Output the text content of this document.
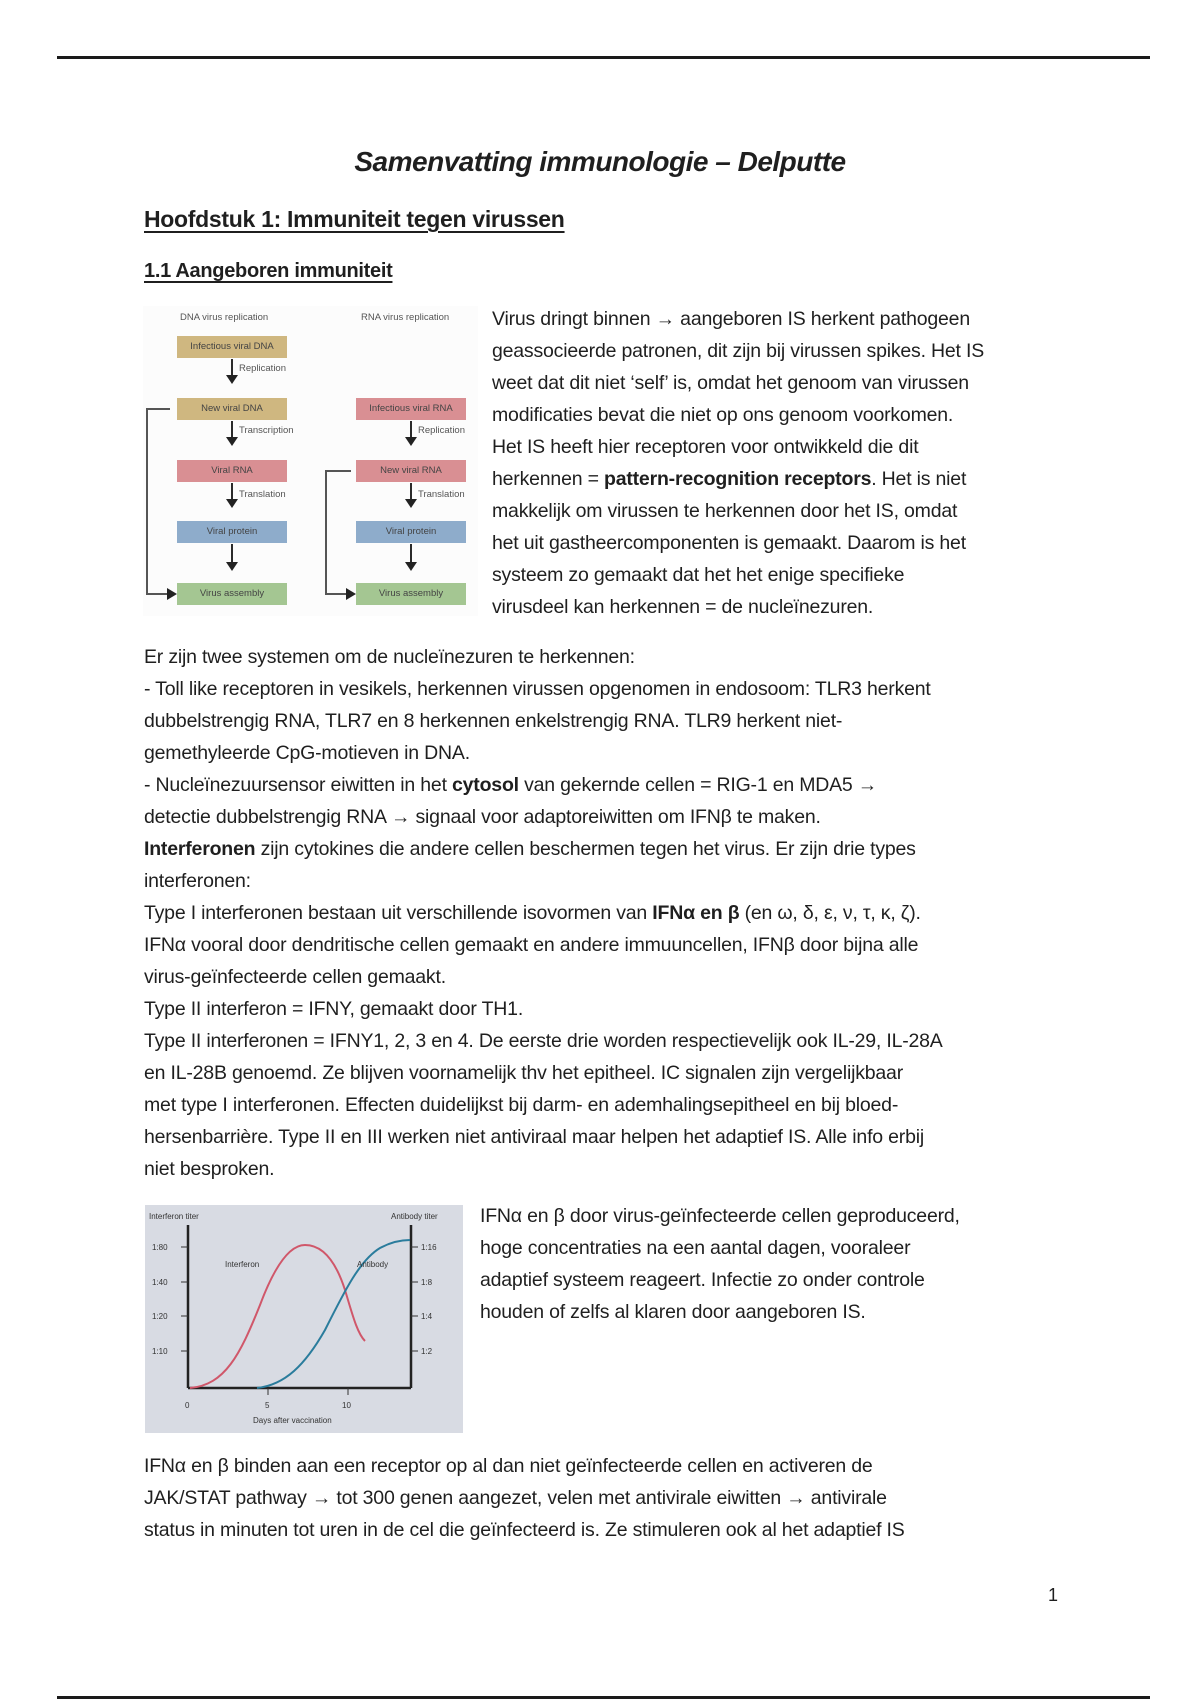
Samenvatting immunologie – Delputte
Hoofdstuk 1: Immuniteit tegen virussen
1.1 Aangeboren immuniteit
DNA virus replication	RNA virus replication
Infectious viral DNA
Replication
New viral DNA
Transcription
Viral RNA
Translation
Viral protein
Virus assembly
Infectious viral RNA
Replication
New viral RNA
Translation
Viral protein
Virus assembly
Virus dringt binnen → aangeboren IS herkent pathogeen
geassocieerde patronen, dit zijn bij virussen spikes. Het IS
weet dat dit niet ‘self’ is, omdat het genoom van virussen
modificaties bevat die niet op ons genoom voorkomen.
Het IS heeft hier receptoren voor ontwikkeld die dit
herkennen = pattern-recognition receptors. Het is niet
makkelijk om virussen te herkennen door het IS, omdat
het uit gastheercomponenten is gemaakt. Daarom is het
systeem zo gemaakt dat het het enige specifieke
virusdeel kan herkennen = de nucleïnezuren.
Er zijn twee systemen om de nucleïnezuren te herkennen:
- Toll like receptoren in vesikels, herkennen virussen opgenomen in endosoom: TLR3 herkent
dubbelstrengig RNA, TLR7 en 8 herkennen enkelstrengig RNA. TLR9 herkent niet-
gemethyleerde CpG-motieven in DNA.
- Nucleïnezuursensor eiwitten in het cytosol van gekernde cellen = RIG-1 en MDA5 →
detectie dubbelstrengig RNA → signaal voor adaptoreiwitten om IFNβ te maken.
Interferonen zijn cytokines die andere cellen beschermen tegen het virus. Er zijn drie types
interferonen:
Type I interferonen bestaan uit verschillende isovormen van IFNα en β (en ω, δ, ε, ν, τ, κ, ζ).
IFNα vooral door dendritische cellen gemaakt en andere immuuncellen, IFNβ door bijna alle
virus-geïnfecteerde cellen gemaakt.
Type II interferon = IFNY, gemaakt door TH1.
Type II interferonen = IFNY1, 2, 3 en 4. De eerste drie worden respectievelijk ook IL-29, IL-28A
en IL-28B genoemd. Ze blijven voornamelijk thv het epitheel. IC signalen zijn vergelijkbaar
met type I interferonen. Effecten duidelijkst bij darm- en ademhalingsepitheel en bij bloed-
hersenbarrière. Type II en III werken niet antiviraal maar helpen het adaptief IS. Alle info erbij
niet besproken.
Interferon titer	Antibody titer
1:80
1:40
1:20
1:10
1:16
1:8
1:4
1:2
0	5	10
Days after vaccination
Interferon	Antibody
IFNα en β door virus-geïnfecteerde cellen geproduceerd,
hoge concentraties na een aantal dagen, vooraleer
adaptief systeem reageert. Infectie zo onder controle
houden of zelfs al klaren door aangeboren IS.
IFNα en β binden aan een receptor op al dan niet geïnfecteerde cellen en activeren de
JAK/STAT pathway → tot 300 genen aangezet, velen met antivirale eiwitten → antivirale
status in minuten tot uren in de cel die geïnfecteerd is. Ze stimuleren ook al het adaptief IS
1
